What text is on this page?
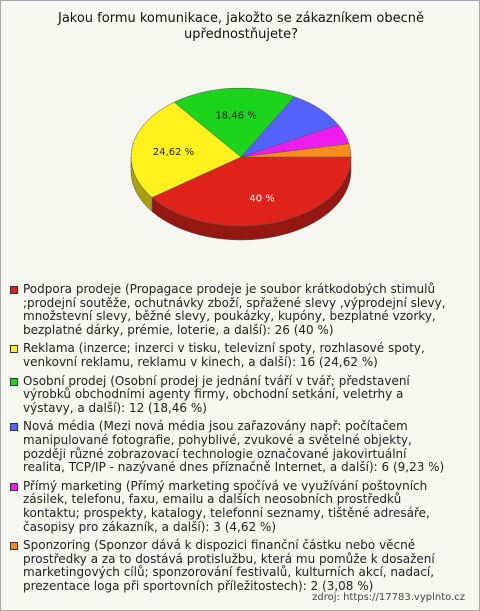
Jakou formu komunikace, jakožto se zákazníkem obecně upřednostňujete?
40 %
24,62 %
18,46 %
Podpora prodeje (Propagace prodeje je soubor krátkodobých stimulů ;prodejní soutěže, ochutnávky zboží, spřažené slevy ,výprodejní slevy, množstevní slevy, běžné slevy, poukázky, kupóny, bezplatné vzorky, bezplatné dárky, prémie, loterie, a další): 26 (40 %)
Reklama (inzerce; inzerci v tisku, televizní spoty, rozhlasové spoty, venkovní reklamu, reklamu v kinech, a další): 16 (24,62 %)
Osobní prodej (Osobní prodej je jednání tváří v tvář; představení výrobků obchodními agenty firmy, obchodní setkání, veletrhy a výstavy, a další): 12 (18,46 %)
Nová média (Mezi nová média jsou zařazovány např: počítačem manipulované fotografie, pohyblivé, zvukové a světelné objekty, později různé zobrazovací technologie označované jakovirtuální realita, TCP/IP - nazývané dnes příznačně Internet, a další): 6 (9,23 %)
Přímý marketing (Přímý marketing spočívá ve využívání poštovních zásilek, telefonu, faxu, emailu a dalších neosobních prostředků kontaktu; prospekty, katalogy, telefonní seznamy, tištěné adresáře, časopisy pro zákazník, a další): 3 (4,62 %)
Sponzoring (Sponzor dává k dispozici finanční částku nebo věcné prostředky a za to dostává protislužbu, která mu pomůže k dosažení marketingových cílů; sponzorování festivalů, kulturních akcí, nadací, prezentace loga při sportovních příležitostech): 2 (3,08 %)
zdroj: https://17783.vyplnto.cz
